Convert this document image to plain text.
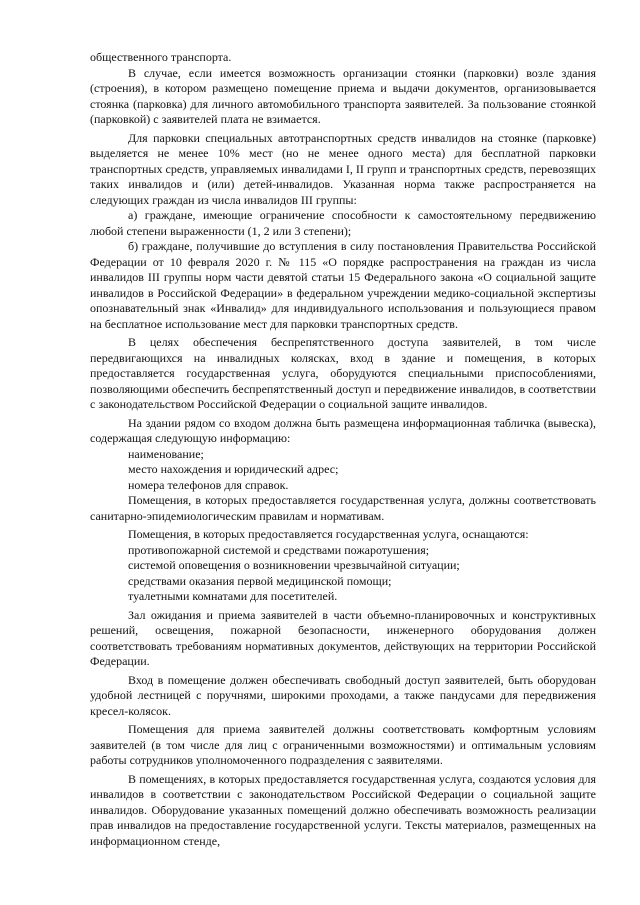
общественного транспорта.

В случае, если имеется возможность организации стоянки (парковки) возле здания (строения), в котором размещено помещение приема и выдачи документов, организовывается стоянка (парковка) для личного автомобильного транспорта заявителей. За пользование стоянкой (парковкой) с заявителей плата не взимается.

Для парковки специальных автотранспортных средств инвалидов на стоянке (парковке) выделяется не менее 10% мест (но не менее одного места) для бесплатной парковки транспортных средств, управляемых инвалидами I, II групп и транспортных средств, перевозящих таких инвалидов и (или) детей-инвалидов. Указанная норма также распространяется на следующих граждан из числа инвалидов III группы:

а) граждане, имеющие ограничение способности к самостоятельному передвижению любой степени выраженности (1, 2 или 3 степени);

б) граждане, получившие до вступления в силу постановления Правительства Российской Федерации от 10 февраля 2020 г. № 115 «О порядке распространения на граждан из числа инвалидов III группы норм части девятой статьи 15 Федерального закона «О социальной защите инвалидов в Российской Федерации» в федеральном учреждении медико-социальной экспертизы опознавательный знак «Инвалид» для индивидуального использования и пользующиеся правом на бесплатное использование мест для парковки транспортных средств.

В целях обеспечения беспрепятственного доступа заявителей, в том числе передвигающихся на инвалидных колясках, вход в здание и помещения, в которых предоставляется государственная услуга, оборудуются специальными приспособлениями, позволяющими обеспечить беспрепятственный доступ и передвижение инвалидов, в соответствии с законодательством Российской Федерации о социальной защите инвалидов.

На здании рядом со входом должна быть размещена информационная табличка (вывеска), содержащая следующую информацию:

наименование;

место нахождения и юридический адрес;

номера телефонов для справок.

Помещения, в которых предоставляется государственная услуга, должны соответствовать санитарно-эпидемиологическим правилам и нормативам.

Помещения, в которых предоставляется государственная услуга, оснащаются:

противопожарной системой и средствами пожаротушения;

системой оповещения о возникновении чрезвычайной ситуации;

средствами оказания первой медицинской помощи;

туалетными комнатами для посетителей.

Зал ожидания и приема заявителей в части объемно-планировочных и конструктивных решений, освещения, пожарной безопасности, инженерного оборудования должен соответствовать требованиям нормативных документов, действующих на территории Российской Федерации.

Вход в помещение должен обеспечивать свободный доступ заявителей, быть оборудован удобной лестницей с поручнями, широкими проходами, а также пандусами для передвижения кресел-колясок.

Помещения для приема заявителей должны соответствовать комфортным условиям заявителей (в том числе для лиц с ограниченными возможностями) и оптимальным условиям работы сотрудников уполномоченного подразделения с заявителями.

В помещениях, в которых предоставляется государственная услуга, создаются условия для инвалидов в соответствии с законодательством Российской Федерации о социальной защите инвалидов. Оборудование указанных помещений должно обеспечивать возможность реализации прав инвалидов на предоставление государственной услуги. Тексты материалов, размещенных на информационном стенде,
